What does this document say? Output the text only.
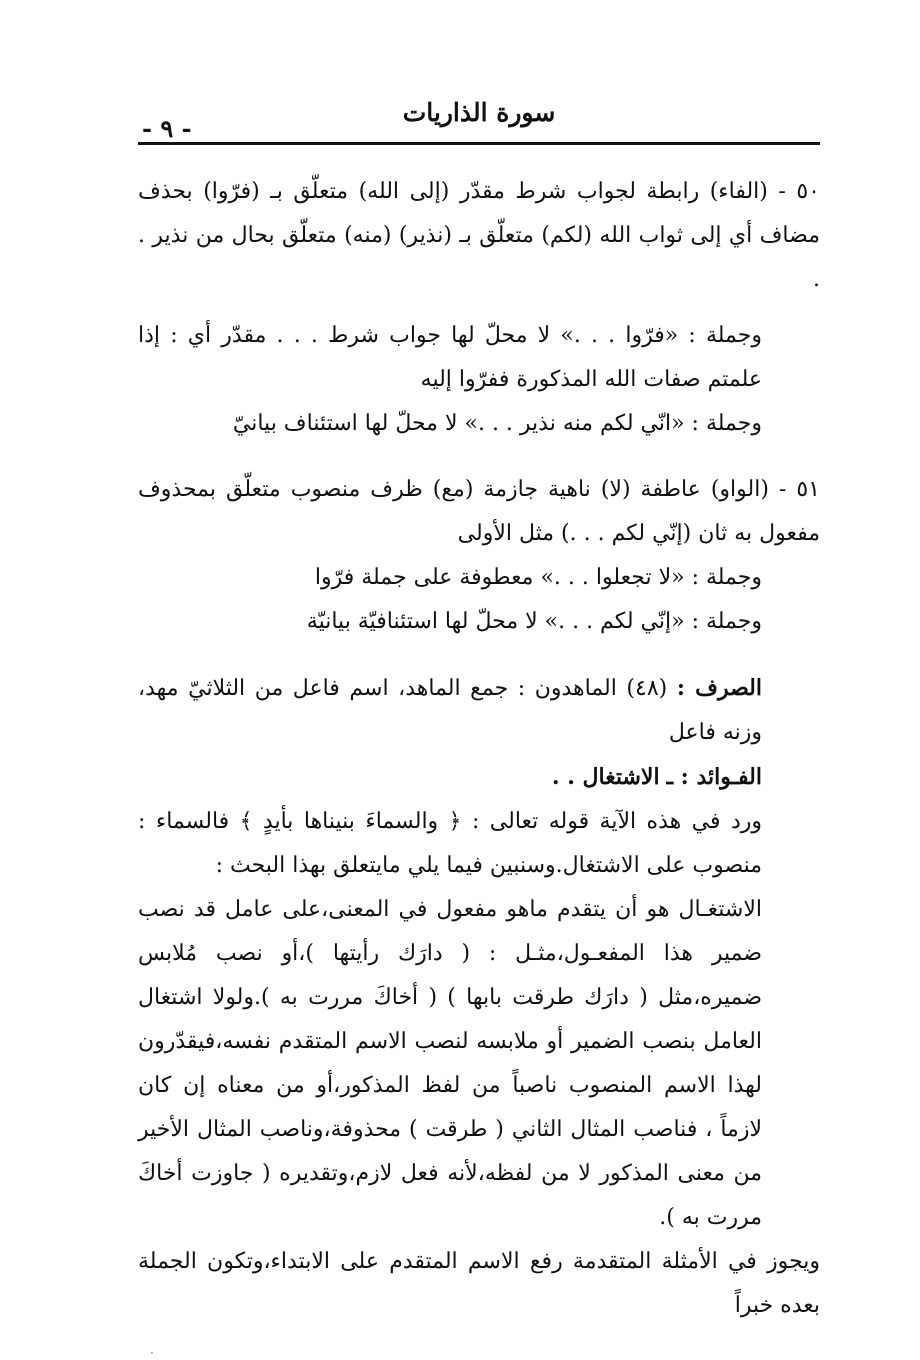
سورة الذاريات
- ٩ -

٥٠ - (الفاء) رابطة لجواب شرط مقدّر (إلى الله) متعلّق بـ (فرّوا) بحذف مضاف أي إلى ثواب الله (لكم) متعلّق بـ (نذير) (منه) متعلّق بحال من نذير . .

وجملة : «فرّوا . . .» لا محلّ لها جواب شرط . . . مقدّر أي : إذا علمتم صفات الله المذكورة ففرّوا إليه

وجملة : «انّي لكم منه نذير . . .» لا محلّ لها استئناف بيانيّ

٥١ - (الواو) عاطفة (لا) ناهية جازمة (مع) ظرف منصوب متعلّق بمحذوف مفعول به ثان (إنّي لكم . . .) مثل الأولى

وجملة : «لا تجعلوا . . .» معطوفة على جملة فرّوا

وجملة : «إنّي لكم . . .» لا محلّ لها استئنافيّة بيانيّة

الصرف : (٤٨) الماهدون : جمع الماهد، اسم فاعل من الثلاثيّ مهد، وزنه فاعل

الفـوائد : ـ الاشتغال . .

ورد في هذه الآية قوله تعالى : ﴿ والسماءَ بنيناها بأيدٍ ﴾ فالسماء : منصوب على الاشتغال.وسنبين فيما يلي مايتعلق بهذا البحث :

الاشتغـال هو أن يتقدم ماهو مفعول في المعنى،على عامل قد نصب ضمير هذا المفعـول،مثـل : ( دارَك رأيتها )،أو نصب مُلابس ضميره،مثل ( دارَك طرقت بابها ) ( أخاكَ مررت به ).ولولا اشتغال العامل بنصب الضمير أو ملابسه لنصب الاسم المتقدم نفسه،فيقدّرون لهذا الاسم المنصوب ناصباً من لفظ المذكور،أو من معناه إن كان لازماً ، فناصب المثال الثاني ( طرقت ) محذوفة،وناصب المثال الأخير من معنى المذكور لا من لفظه،لأنه فعل لازم،وتقديره ( جاوزت أخاكَ مررت به ).

ويجوز في الأمثلة المتقدمة رفع الاسم المتقدم على الابتداء،وتكون الجملة بعده خبراً

·
